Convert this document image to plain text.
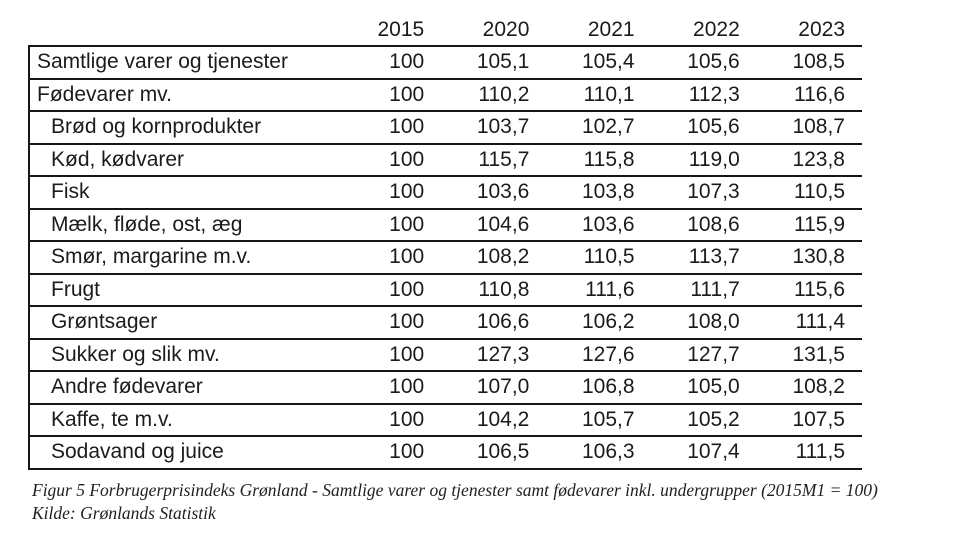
	2015	2020	2021	2022	2023
Samtlige varer og tjenester	100	105,1	105,4	105,6	108,5
Fødevarer mv.	100	110,2	110,1	112,3	116,6
Brød og kornprodukter	100	103,7	102,7	105,6	108,7
Kød, kødvarer	100	115,7	115,8	119,0	123,8
Fisk	100	103,6	103,8	107,3	110,5
Mælk, fløde, ost, æg	100	104,6	103,6	108,6	115,9
Smør, margarine m.v.	100	108,2	110,5	113,7	130,8
Frugt	100	110,8	111,6	111,7	115,6
Grøntsager	100	106,6	106,2	108,0	111,4
Sukker og slik mv.	100	127,3	127,6	127,7	131,5
Andre fødevarer	100	107,0	106,8	105,0	108,2
Kaffe, te m.v.	100	104,2	105,7	105,2	107,5
Sodavand og juice	100	106,5	106,3	107,4	111,5
Figur 5 Forbrugerprisindeks Grønland - Samtlige varer og tjenester samt fødevarer inkl. undergrupper (2015M1 = 100)
Kilde: Grønlands Statistik
